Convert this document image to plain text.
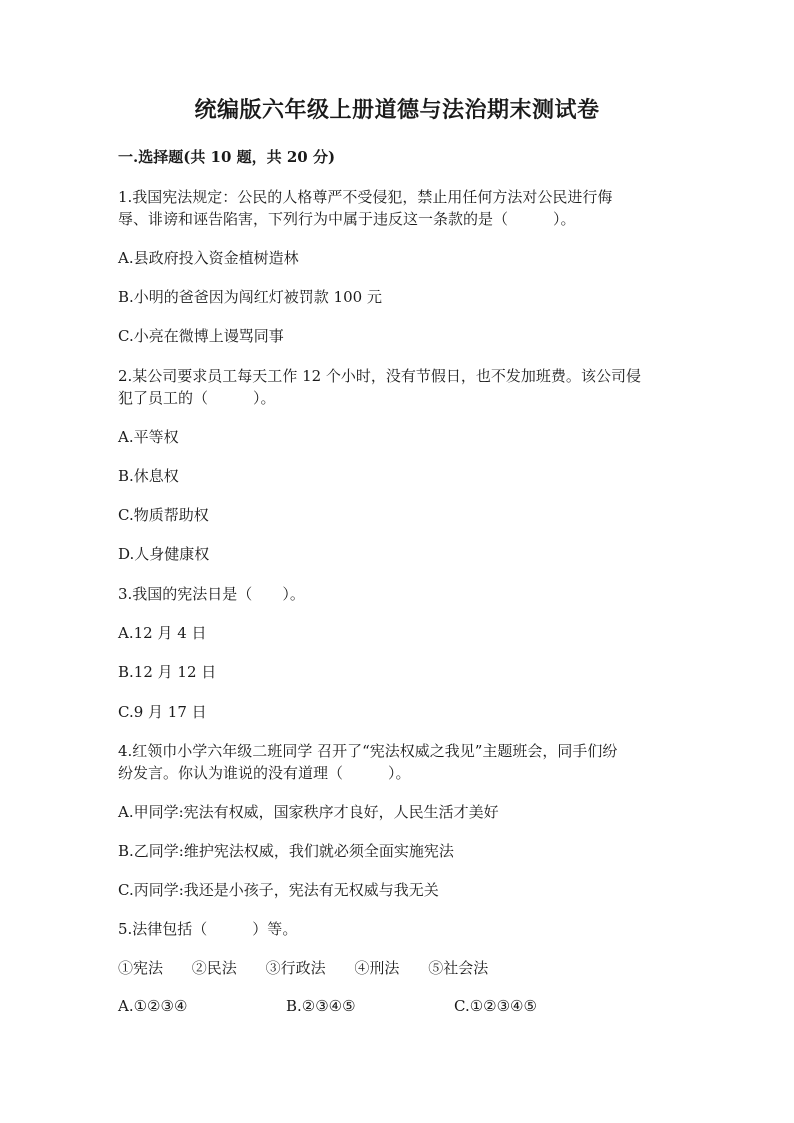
统编版六年级上册道德与法治期末测试卷
一.选择题(共 10 题，共 20 分)
1.我国宪法规定：公民的人格尊严不受侵犯，禁止用任何方法对公民进行侮
辱、诽谤和诬告陷害，下列行为中属于违反这一条款的是（　　　）。
A.县政府投入资金植树造林
B.小明的爸爸因为闯红灯被罚款 100 元
C.小亮在微博上谩骂同事
2.某公司要求员工每天工作 12 个小时，没有节假日，也不发加班费。该公司侵
犯了员工的（　　　）。
A.平等权
B.休息权
C.物质帮助权
D.人身健康权
3.我国的宪法日是（　　）。
A.12 月 4 日
B.12 月 12 日
C.9 月 17 日
4.红领巾小学六年级二班同学 召开了“宪法权威之我见”主题班会，同手们纷
纷发言。你认为谁说的没有道理（　　　）。
A.甲同学:宪法有权威，国家秩序才良好，人民生活才美好
B.乙同学:维护宪法权威，我们就必须全面实施宪法
C.丙同学:我还是小孩子，宪法有无权威与我无关
5.法律包括（　　　）等。
①宪法 ②民法 ③行政法 ④刑法 ⑤社会法
A.①②③④	B.②③④⑤	C.①②③④⑤
